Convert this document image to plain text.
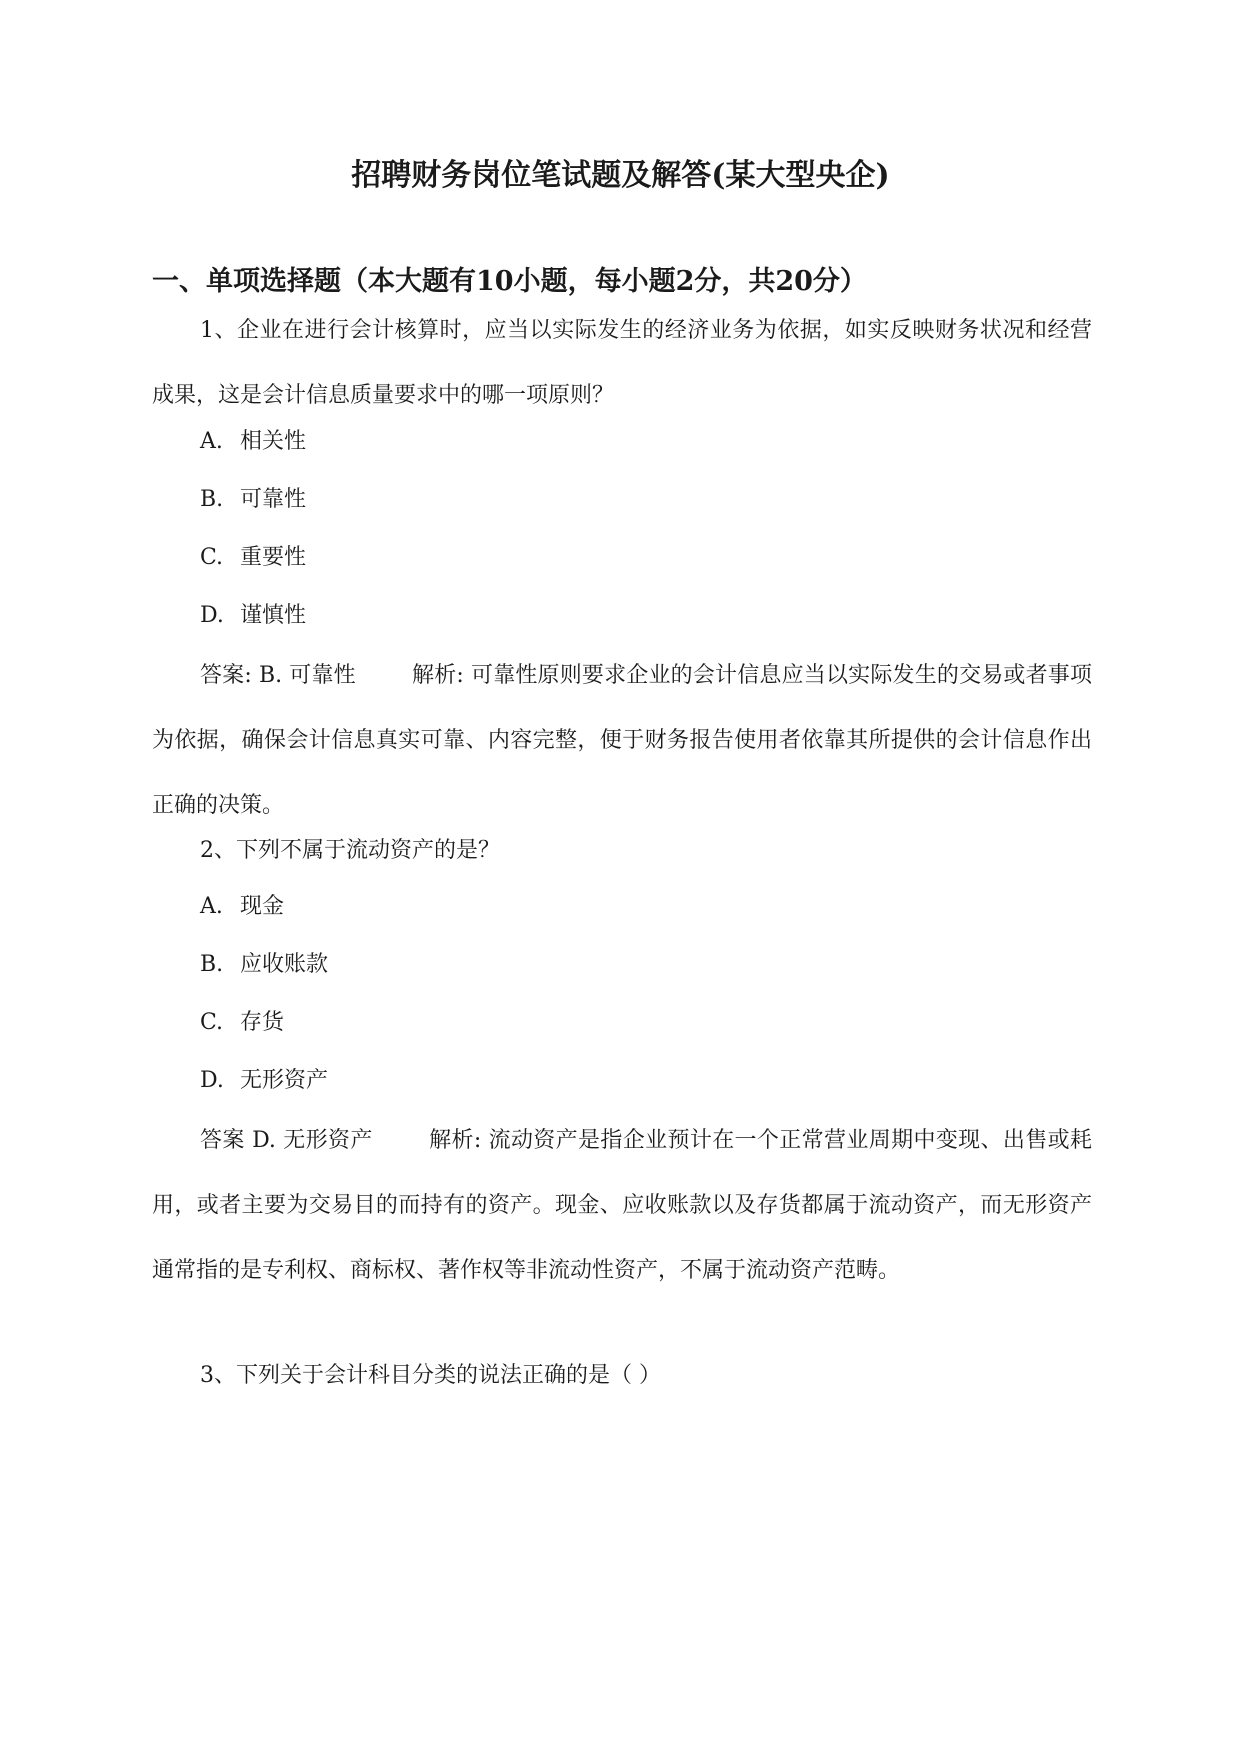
招聘财务岗位笔试题及解答(某大型央企)
一、单项选择题（本大题有10小题，每小题2分，共20分）

1、企业在进行会计核算时，应当以实际发生的经济业务为依据，如实反映财务状况和经营成果，这是会计信息质量要求中的哪一项原则？

A. 相关性
B. 可靠性
C. 重要性
D. 谨慎性

答案: B. 可靠性	解析: 可靠性原则要求企业的会计信息应当以实际发生的交易或者事项为依据，确保会计信息真实可靠、内容完整，便于财务报告使用者依靠其所提供的会计信息作出正确的决策。

2、下列不属于流动资产的是？

A. 现金
B. 应收账款
C. 存货
D. 无形资产

答案 D. 无形资产	解析: 流动资产是指企业预计在一个正常营业周期中变现、出售或耗用，或者主要为交易目的而持有的资产。现金、应收账款以及存货都属于流动资产，而无形资产通常指的是专利权、商标权、著作权等非流动性资产，不属于流动资产范畴。

3、下列关于会计科目分类的说法正确的是（ ）
